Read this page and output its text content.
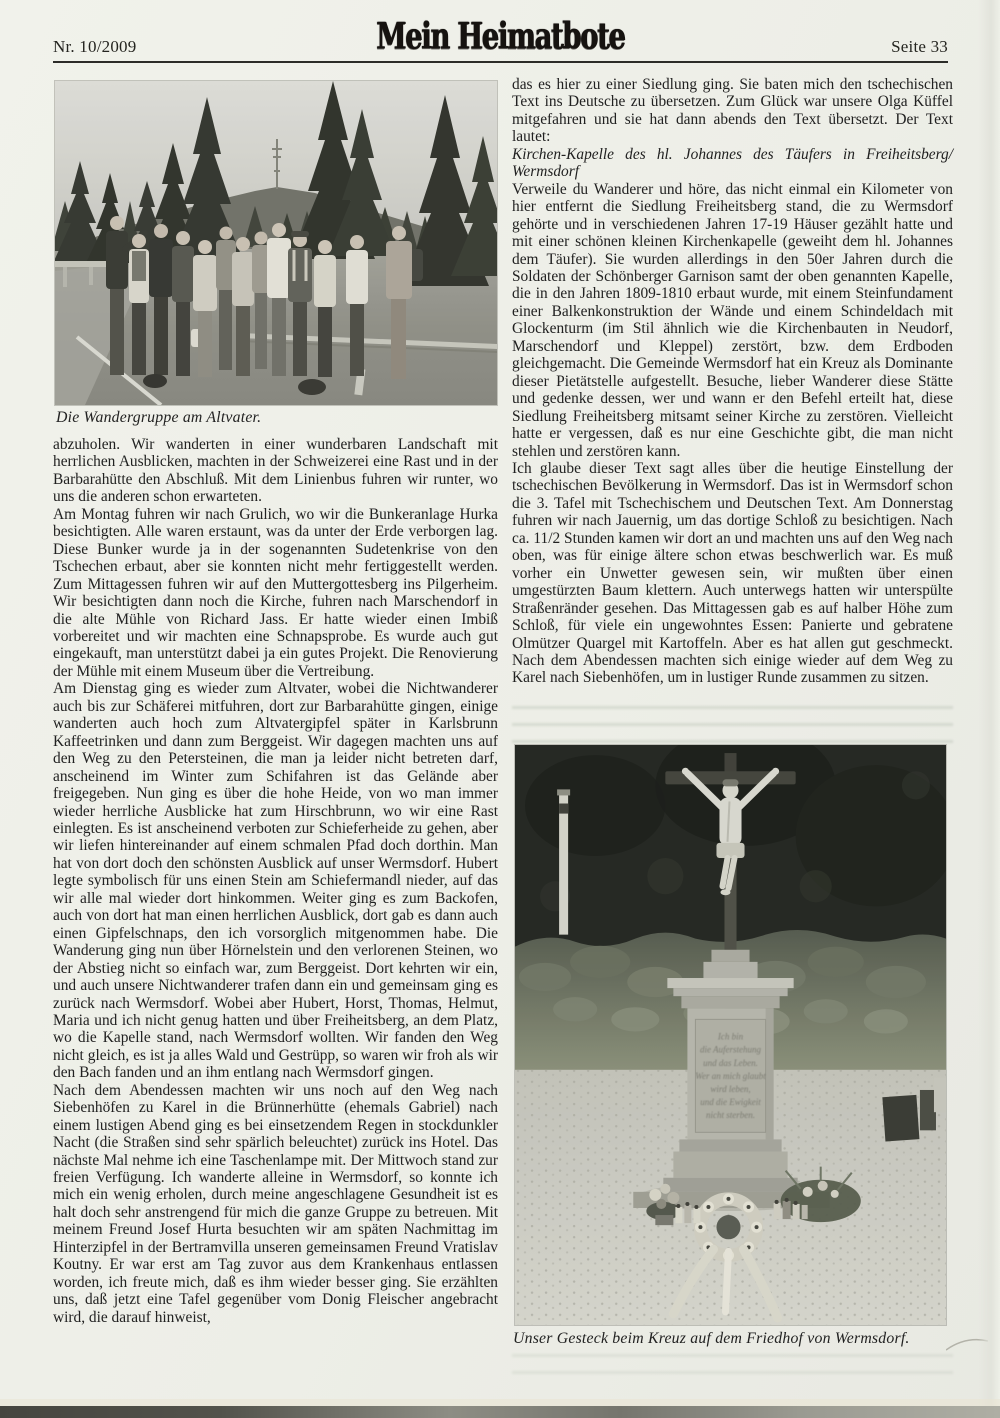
Nr. 10/2009	Mein Heimatbote	Seite 33
Die Wandergruppe am Altvater.

abzuholen. Wir wanderten in einer wunderbaren Landschaft mit herrlichen Ausblicken, machten in der Schweizerei eine Rast und in der Barbarahütte den Abschluß. Mit dem Linienbus fuhren wir runter, wo uns die anderen schon erwarteten.

Am Montag fuhren wir nach Grulich, wo wir die Bunkeranlage Hurka besichtigten. Alle waren erstaunt, was da unter der Erde verborgen lag. Diese Bunker wurde ja in der sogenannten Sudetenkrise von den Tschechen erbaut, aber sie konnten nicht mehr fertiggestellt werden. Zum Mittagessen fuhren wir auf den Muttergottesberg ins Pilgerheim. Wir besichtigten dann noch die Kirche, fuhren nach Marschendorf in die alte Mühle von Richard Jass. Er hatte wieder einen Imbiß vorbereitet und wir machten eine Schnapsprobe. Es wurde auch gut eingekauft, man unterstützt dabei ja ein gutes Projekt. Die Renovierung der Mühle mit einem Museum über die Vertreibung.

Am Dienstag ging es wieder zum Altvater, wobei die Nichtwanderer auch bis zur Schäferei mitfuhren, dort zur Barbarahütte gingen, einige wanderten auch hoch zum Altvatergipfel später in Karlsbrunn Kaffeetrinken und dann zum Berggeist. Wir dagegen machten uns auf den Weg zu den Petersteinen, die man ja leider nicht betreten darf, anscheinend im Winter zum Schifahren ist das Gelände aber freigegeben. Nun ging es über die hohe Heide, von wo man immer wieder herrliche Ausblicke hat zum Hirschbrunn, wo wir eine Rast einlegten. Es ist anscheinend verboten zur Schieferheide zu gehen, aber wir liefen hintereinander auf einem schmalen Pfad doch dorthin. Man hat von dort doch den schönsten Ausblick auf unser Wermsdorf. Hubert legte symbolisch für uns einen Stein am Schiefermandl nieder, auf das wir alle mal wieder dort hinkommen. Weiter ging es zum Backofen, auch von dort hat man einen herrlichen Ausblick, dort gab es dann auch einen Gipfelschnaps, den ich vorsorglich mitgenommen habe. Die Wanderung ging nun über Hörnelstein und den verlorenen Steinen, wo der Abstieg nicht so einfach war, zum Berggeist. Dort kehrten wir ein, und auch unsere Nichtwanderer trafen dann ein und gemeinsam ging es zurück nach Wermsdorf. Wobei aber Hubert, Horst, Thomas, Helmut, Maria und ich nicht genug hatten und über Freiheitsberg, an dem Platz, wo die Kapelle stand, nach Wermsdorf wollten. Wir fanden den Weg nicht gleich, es ist ja alles Wald und Gestrüpp, so waren wir froh als wir den Bach fanden und an ihm entlang nach Wermsdorf gingen.

Nach dem Abendessen machten wir uns noch auf den Weg nach Siebenhöfen zu Karel in die Brünnerhütte (ehemals Gabriel) nach einem lustigen Abend ging es bei einsetzendem Regen in stockdunkler Nacht (die Straßen sind sehr spärlich beleuchtet) zurück ins Hotel. Das nächste Mal nehme ich eine Taschenlampe mit. Der Mittwoch stand zur freien Verfügung. Ich wanderte alleine in Wermsdorf, so konnte ich mich ein wenig erholen, durch meine angeschlagene Gesundheit ist es halt doch sehr anstrengend für mich die ganze Gruppe zu betreuen. Mit meinem Freund Josef Hurta besuchten wir am späten Nachmittag im Hinterzipfel in der Bertramvilla unseren gemeinsamen Freund Vratislav Koutny. Er war erst am Tag zuvor aus dem Krankenhaus entlassen worden, ich freute mich, daß es ihm wieder besser ging. Sie erzählten uns, daß jetzt eine Tafel gegenüber vom Donig Fleischer angebracht wird, die darauf hinweist,

das es hier zu einer Siedlung ging. Sie baten mich den tschechischen Text ins Deutsche zu übersetzen. Zum Glück war unsere Olga Küffel mitgefahren und sie hat dann abends den Text übersetzt. Der Text lautet:

Kirchen-Kapelle des hl. Johannes des Täufers in Freiheitsberg/ Wermsdorf

Verweile du Wanderer und höre, das nicht einmal ein Kilometer von hier entfernt die Siedlung Freiheitsberg stand, die zu Wermsdorf gehörte und in verschiedenen Jahren 17-19 Häuser gezählt hatte und mit einer schönen kleinen Kirchenkapelle (geweiht dem hl. Johannes dem Täufer). Sie wurden allerdings in den 50er Jahren durch die Soldaten der Schönberger Garnison samt der oben genannten Kapelle, die in den Jahren 1809-1810 erbaut wurde, mit einem Steinfundament einer Balkenkonstruktion der Wände und einem Schindeldach mit Glockenturm (im Stil ähnlich wie die Kirchenbauten in Neudorf, Marschendorf und Kleppel) zerstört, bzw. dem Erdboden gleichgemacht. Die Gemeinde Wermsdorf hat ein Kreuz als Dominante dieser Pietätstelle aufgestellt. Besuche, lieber Wanderer diese Stätte und gedenke dessen, wer und wann er den Befehl erteilt hat, diese Siedlung Freiheitsberg mitsamt seiner Kirche zu zerstören. Vielleicht hatte er vergessen, daß es nur eine Geschichte gibt, die man nicht stehlen und zerstören kann.

Ich glaube dieser Text sagt alles über die heutige Einstellung der tschechischen Bevölkerung in Wermsdorf. Das ist in Wermsdorf schon die 3. Tafel mit Tschechischem und Deutschen Text. Am Donnerstag fuhren wir nach Jauernig, um das dortige Schloß zu besichtigen. Nach ca. 11/2 Stunden kamen wir dort an und machten uns auf den Weg nach oben, was für einige ältere schon etwas beschwerlich war. Es muß vorher ein Unwetter gewesen sein, wir mußten über einen umgestürzten Baum klettern. Auch unterwegs hatten wir unterspülte Straßenränder gesehen. Das Mittagessen gab es auf halber Höhe zum Schloß, für viele ein ungewohntes Essen: Panierte und gebratene Olmützer Quargel mit Kartoffeln. Aber es hat allen gut geschmeckt. Nach dem Abendessen machten sich einige wieder auf dem Weg zu Karel nach Siebenhöfen, um in lustiger Runde zusammen zu sitzen.

Ich bin
die Auferstehung
und das Leben.
Wer an mich glaubt
wird leben,
und die Ewigkeit
nicht sterben.
Unser Gesteck beim Kreuz auf dem Friedhof von Wermsdorf.
